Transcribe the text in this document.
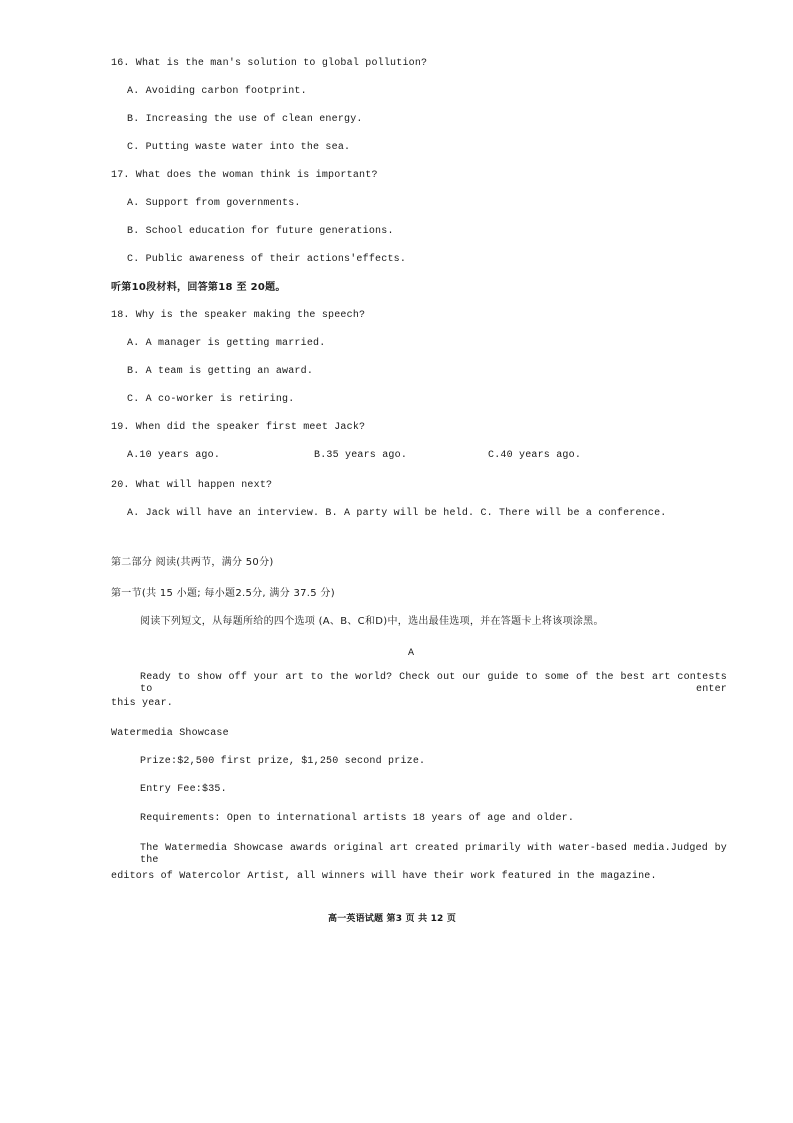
16. What is the man's solution to global pollution?
A. Avoiding carbon footprint.
B. Increasing the use of clean energy.
C. Putting waste water into the sea.
17. What does the woman think is important?
A. Support from governments.
B. School education for future generations.
C. Public awareness of their actions'effects.
听第10段材料，回答第18 至 20题。
18. Why is the speaker making the speech?
A. A manager is getting married.
B. A team is getting an award.
C. A co-worker is retiring.
19. When did the speaker first meet Jack?
A.10 years ago.	B.35 years ago.	C.40 years ago.
20. What will happen next?
A. Jack will have an interview. B. A party will be held. C. There will be a conference.
第二部分 阅读(共两节，满分 50分)
第一节(共 15 小题; 每小题2.5分, 满分 37.5 分)
阅读下列短文，从每题所给的四个选项 (A、B、C和D)中，选出最佳选项，并在答题卡上将该项涂黑。
A
Ready to show off your art to the world? Check out our guide to some of the best art contests to enter
this year.
Watermedia Showcase
Prize:$2,500 first prize, $1,250 second prize.
Entry Fee:$35.
Requirements: Open to international artists 18 years of age and older.
The Watermedia Showcase awards original art created primarily with water-based media.Judged by the
editors of Watercolor Artist, all winners will have their work featured in the magazine.
高一英语试题 第3 页 共 12 页
